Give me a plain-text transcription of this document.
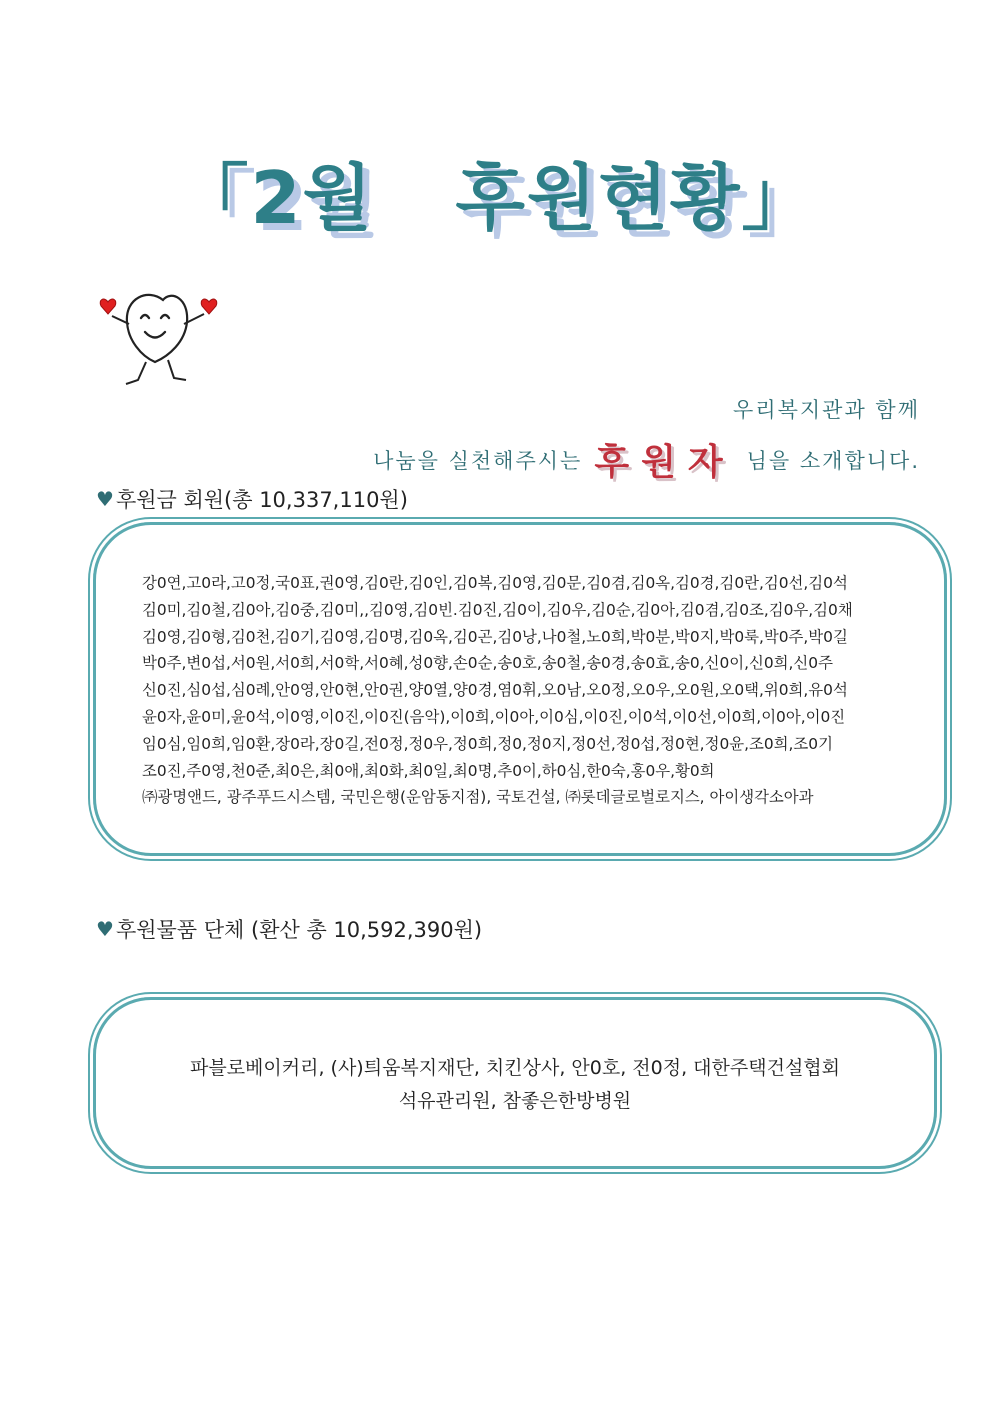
「2월 후원현황」
우리복지관과 함께
나눔을 실천해주시는 후원자 님을 소개합니다.
♥ 후원금 회원(총 10,337,110원)
강0연,고0라,고0정,국0표,권0영,김0란,김0인,김0복,김0영,김0문,김0겸,김0옥,김0경,김0란,김0선,김0석
김0미,김0철,김0아,김0중,김0미,,김0영,김0빈.김0진,김0이,김0우,김0순,김0아,김0겸,김0조,김0우,김0채
김0영,김0형,김0천,김0기,김0영,김0명,김0옥,김0곤,김0낭,나0철,노0희,박0분,박0지,박0룩,박0주,박0길
박0주,변0섭,서0원,서0희,서0학,서0혜,성0향,손0순,송0호,송0철,송0경,송0효,송0,신0이,신0희,신0주
신0진,심0섭,심0례,안0영,안0현,안0권,양0열,양0경,염0휘,오0남,오0정,오0우,오0원,오0택,위0희,유0석
윤0자,윤0미,윤0석,이0영,이0진,이0진(음악),이0희,이0아,이0심,이0진,이0석,이0선,이0희,이0아,이0진
임0심,임0희,임0환,장0라,장0길,전0정,정0우,정0희,정0,정0지,정0선,정0섭,정0현,정0윤,조0희,조0기
조0진,주0영,천0준,최0은,최0애,최0화,최0일,최0명,추0이,하0심,한0숙,홍0우,황0희
㈜광명앤드, 광주푸드시스템, 국민은행(운암동지점), 국토건설, ㈜롯데글로벌로지스, 아이생각소아과
♥ 후원물품 단체 (환산 총 10,592,390원)
파블로베이커리, (사)틔움복지재단, 치킨상사, 안0호, 전0정, 대한주택건설협회
석유관리원, 참좋은한방병원
